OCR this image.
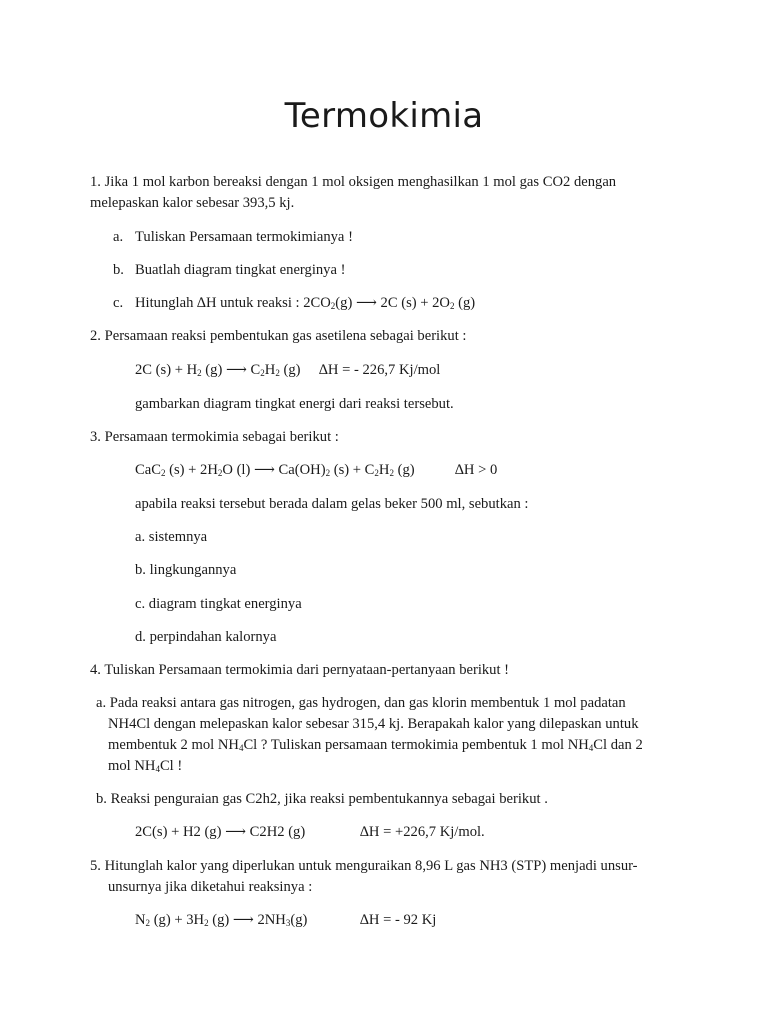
Termokimia
1. Jika 1 mol karbon bereaksi dengan 1 mol oksigen menghasilkan 1 mol gas CO2 dengan
melepaskan kalor sebesar 393,5 kj.
a. Tuliskan Persamaan termokimianya !
b. Buatlah diagram tingkat energinya !
c. Hitunglah ∆H untuk reaksi : $2CO_2(g)$ ⟶ 2C $(s) + 2O_2$ (g)
2. Persamaan reaksi pembentukan gas asetilena sebagai berikut :
2C $(s) + H_2$ (g) ⟶ $C_2H_2$ (g) ∆H = - 226,7 Kj/mol
gambarkan diagram tingkat energi dari reaksi tersebut.
3. Persamaan termokimia sebagai berikut :
CaC$_2$ $(s) + 2H_2O$ (l) ⟶ $Ca(OH)_2$ $(s) + C_2H_2$ (g)	∆H > 0
apabila reaksi tersebut berada dalam gelas beker 500 ml, sebutkan :
a. sistemnya
b. lingkungannya
c. diagram tingkat energinya
d. perpindahan kalornya
4. Tuliskan Persamaan termokimia dari pernyataan-pertanyaan berikut !
a. Pada reaksi antara gas nitrogen, gas hydrogen, dan gas klorin membentuk 1 mol padatan
NH4Cl dengan melepaskan kalor sebesar 315,4 kj. Berapakah kalor yang dilepaskan untuk
membentuk 2 mol $NH_4Cl$ ? Tuliskan persamaan termokimia pembentuk 1 mol $NH_4Cl$ dan 2
mol $NH_4Cl$ !
b. Reaksi penguraian gas C2h2, jika reaksi pembentukannya sebagai berikut .
2C(s) + H2 (g) ⟶ C2H2 (g)	∆H = +226,7 Kj/mol.
5. Hitunglah kalor yang diperlukan untuk menguraikan 8,96 L gas NH3 (STP) menjadi unsur-
unsurnya jika diketahui reaksinya :
$N_2$ $(g) + 3H_2$ (g) ⟶ $2NH_3(g)$	∆H = - 92 Kj
